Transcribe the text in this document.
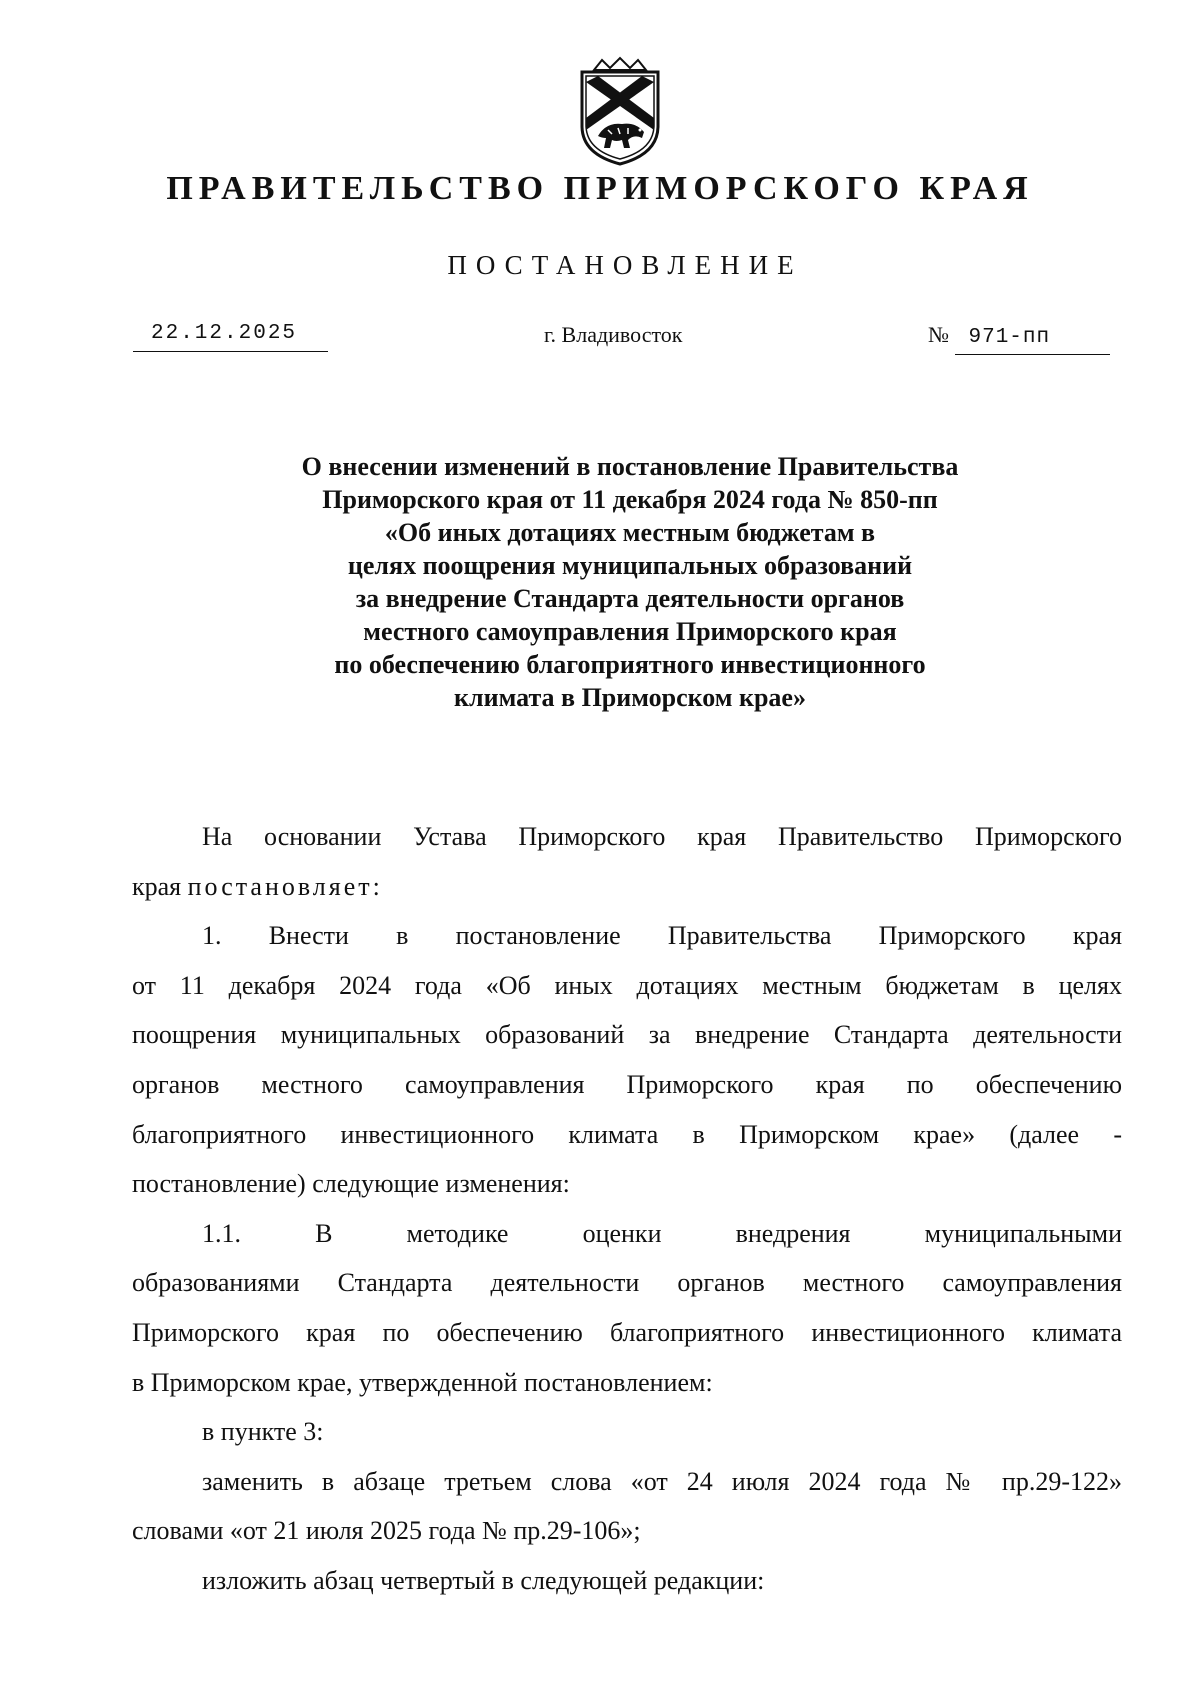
ПРАВИТЕЛЬСТВО ПРИМОРСКОГО КРАЯ
ПОСТАНОВЛЕНИЕ
22.12.2025	г. Владивосток	№ 971-пп
О внесении изменений в постановление Правительства
Приморского края от 11 декабря 2024 года № 850-пп
«Об иных дотациях местным бюджетам в
целях поощрения муниципальных образований
за внедрение Стандарта деятельности органов
местного самоуправления Приморского края
по обеспечению благоприятного инвестиционного
климата в Приморском крае»
На основании Устава Приморского края Правительство Приморского
края постановляет:
1. Внести в постановление Правительства Приморского края
от 11 декабря 2024 года «Об иных дотациях местным бюджетам в целях
поощрения муниципальных образований за внедрение Стандарта деятельности
органов местного самоуправления Приморского края по обеспечению
благоприятного инвестиционного климата в Приморском крае» (далее -
постановление) следующие изменения:
1.1. В методике оценки внедрения муниципальными
образованиями Стандарта деятельности органов местного самоуправления
Приморского края по обеспечению благоприятного инвестиционного климата
в Приморском крае, утвержденной постановлением:
в пункте 3:
заменить в абзаце третьем слова «от 24 июля 2024 года № пр.29-122»
словами «от 21 июля 2025 года № пр.29-106»;
изложить абзац четвертый в следующей редакции:
